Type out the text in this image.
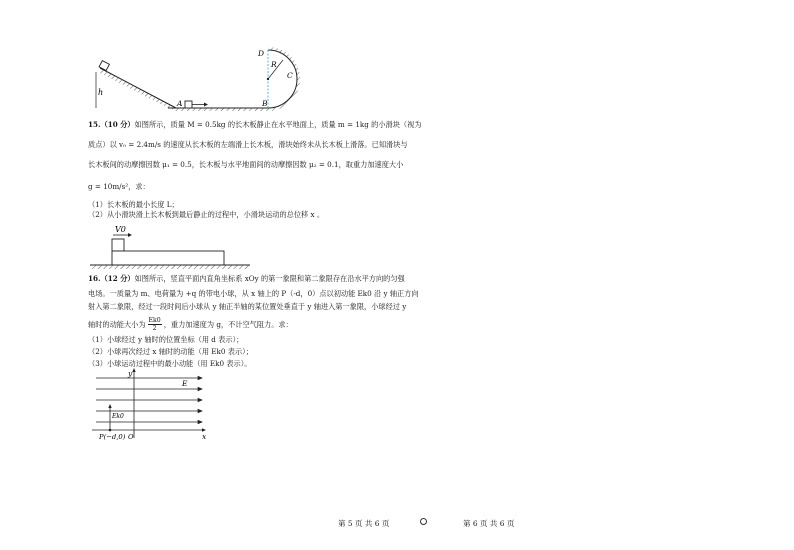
h
A
R
B
C
D
15.（10 分）如图所示，质量 M = 0.5kg 的长木板静止在水平地面上，质量 m = 1kg 的小滑块（视为
质点）以 v₀ = 2.4m/s 的速度从长木板的左端滑上长木板，滑块始终未从长木板上滑落。已知滑块与
长木板间的动摩擦因数 μ₁ = 0.5，长木板与水平地面间的动摩擦因数 μ₂ = 0.1，取重力加速度大小
g = 10m/s²，求：
（1）长木板的最小长度 L；
（2）从小滑块滑上长木板到最后静止的过程中，小滑块运动的总位移 x 。
V0
16.（12 分）如图所示，竖直平面内直角坐标系 xOy 的第一象限和第二象限存在沿水平方向的匀强
电场。一质量为 m、电荷量为 +q 的带电小球，从 x 轴上的 P（-d，0）点以初动能 Ek0 沿 y 轴正方向
射入第二象限，经过一段时间后小球从 y 轴正半轴的某位置处垂直于 y 轴进入第一象限，小球经过 y
轴时的动能大小为 $\frac{Ek0}{2}$ ，重力加速度为 g，不计空气阻力。求：
（1）小球经过 y 轴时的位置坐标（用 d 表示）；
（2）小球再次经过 x 轴时的动能（用 Ek0 表示）；
（3）小球运动过程中的最小动能（用 Ek0 表示）。
x
y
E
Ek0
P(−d,0) O
第 5 页 共 6 页	第 6 页 共 6 页
